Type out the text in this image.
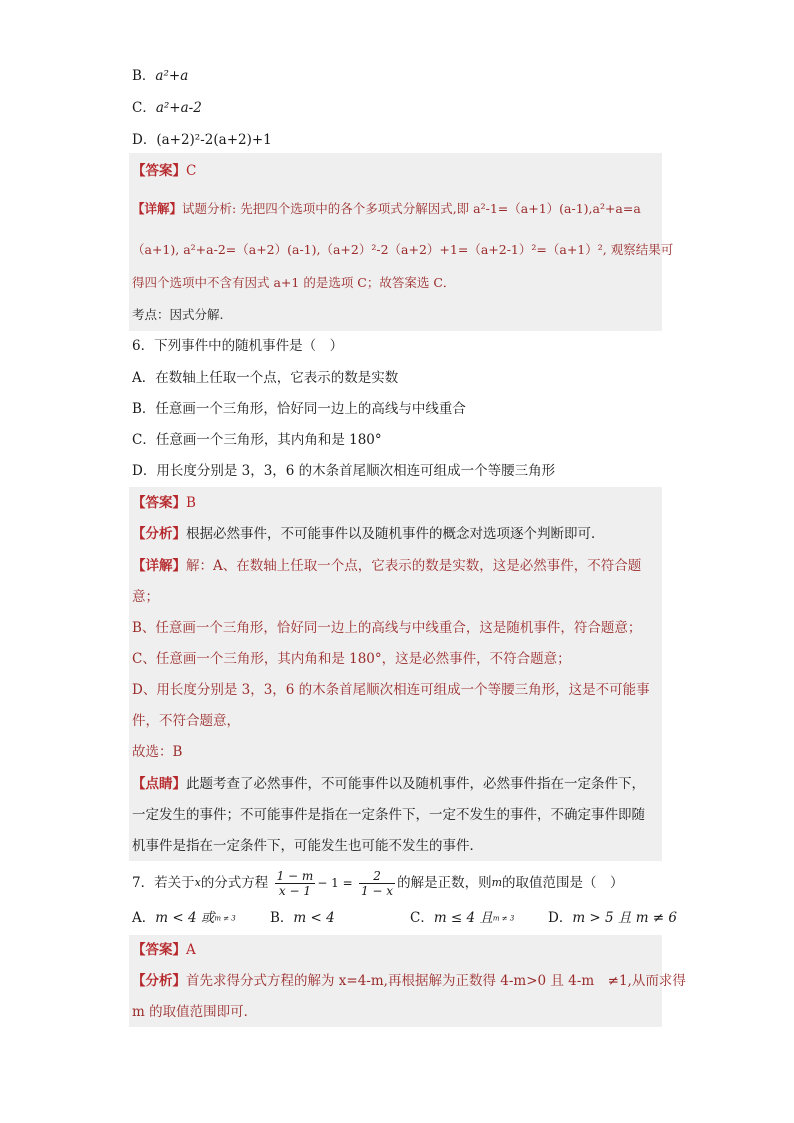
B．a²+a
C．a²+a-2
D．(a+2)²-2(a+2)+1
【答案】C
【详解】试题分析: 先把四个选项中的各个多项式分解因式,即 a²-1=（a+1）(a-1),a²+a=a
（a+1), a²+a-2=（a+2）(a-1),（a+2）²-2（a+2）+1=（a+2-1）²=（a+1）², 观察结果可
得四个选项中不含有因式 a+1 的是选项 C；故答案选 C．
考点：因式分解.
6．下列事件中的随机事件是（　）
A．在数轴上任取一个点，它表示的数是实数
B．任意画一个三角形，恰好同一边上的高线与中线重合
C．任意画一个三角形，其内角和是 180°
D．用长度分别是 3，3，6 的木条首尾顺次相连可组成一个等腰三角形
【答案】B
【分析】根据必然事件，不可能事件以及随机事件的概念对选项逐个判断即可．
【详解】解：A、在数轴上任取一个点，它表示的数是实数，这是必然事件，不符合题
意；
B、任意画一个三角形，恰好同一边上的高线与中线重合，这是随机事件，符合题意；
C、任意画一个三角形，其内角和是 180°，这是必然事件，不符合题意；
D、用长度分别是 3，3，6 的木条首尾顺次相连可组成一个等腰三角形，这是不可能事
件，不符合题意，
故选：B
【点睛】此题考查了必然事件，不可能事件以及随机事件，必然事件指在一定条件下，
一定发生的事件；不可能事件是指在一定条件下，一定不发生的事件，不确定事件即随
机事件是指在一定条件下，可能发生也可能不发生的事件．
7．若关于$^x$的分式方程 $\frac{1 - m}{x - 1} - 1 = \frac{2}{1 - x}$ 的解是正数，则$^m$的取值范围是（　）
A．m < 4 或m ≠ 3	B．m < 4	C．m ≤ 4 且m ≠ 3 D．m > 5 且 m ≠ 6
【答案】A
【分析】首先求得分式方程的解为 x=4-m,再根据解为正数得 4-m>0 且 4-m　≠1,从而求得
m 的取值范围即可．
